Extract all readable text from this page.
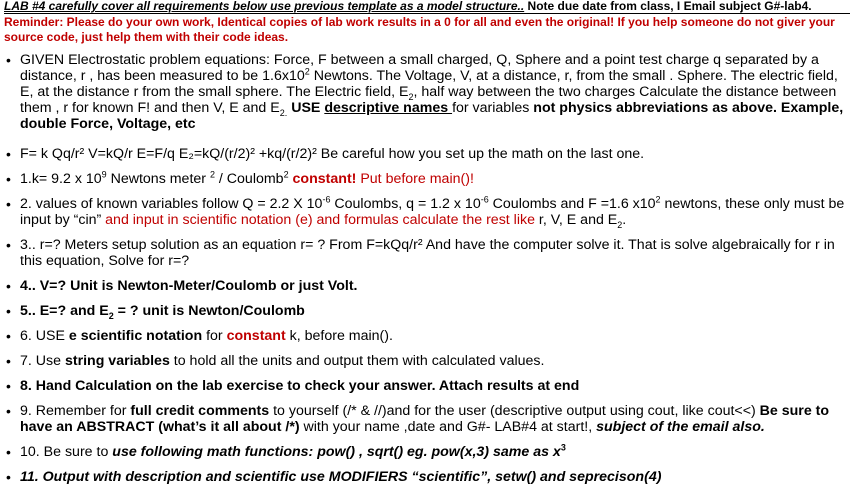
LAB #4 carefully cover all requirements below use previous template as a model structure.. Note due date from class, I Email subject G#-lab4.
Reminder: Please do your own work, Identical copies of lab work results in a 0 for all and even the original! If you help someone do not giver your source code, just help them with their code ideas.
• GIVEN Electrostatic problem equations: Force, F between a small charged, Q, Sphere and a point test charge q separated by a distance, r , has been measured to be $1.6x10^2$ Newtons. The Voltage, V, at a distance, r, from the small . Sphere. The electric field, E, at the distance r from the small sphere. The Electric field, $E_2$, half way between the two charges Calculate the distance between them , r for known F! and then V, E and $E_{2.}$ USE descriptive names for variables not physics abbreviations as above. Example, double Force, Voltage, etc
• F= k Qq/r² V=kQ/r E=F/q E₂=kQ/(r/2)² +kq/(r/2)² Be careful how you set up the math on the last one.
• 1.k= 9.2 x $10^9$ Newtons meter $^2$ / Coulomb$^2$ constant! Put before main()!
• 2. values of known variables follow Q = 2.2 X $10^{-6}$ Coulombs, q = 1.2 x $10^{-6}$ Coulombs and F =1.6 $x10^2$ newtons, these only must be input by “cin” and input in scientific notation (e) and formulas calculate the rest like r, V, E and $E_2$.
• 3.. r=? Meters setup solution as an equation r= ? From F=kQq/r² And have the computer solve it. That is solve algebraically for r in this equation, Solve for r=?
• 4.. V=? Unit is Newton-Meter/Coulomb or just Volt.
• 5.. E=? and $E_2$ = ? unit is Newton/Coulomb
• 6. USE e scientific notation for constant k, before main().
• 7. Use string variables to hold all the units and output them with calculated values.
• 8. Hand Calculation on the lab exercise to check your answer. Attach results at end
• 9. Remember for full credit comments to yourself (/* & //)and for the user (descriptive output using cout, like cout<<) Be sure to have an ABSTRACT (what’s it all about /*) with your name ,date and G#- LAB#4 at start!, subject of the email also.
• 10. Be sure to use following math functions: pow() , sqrt() eg. pow(x,3) same as $x^3$
• 11. Output with description and scientific use MODIFIERS “scientific”, setw() and seprecison(4)
